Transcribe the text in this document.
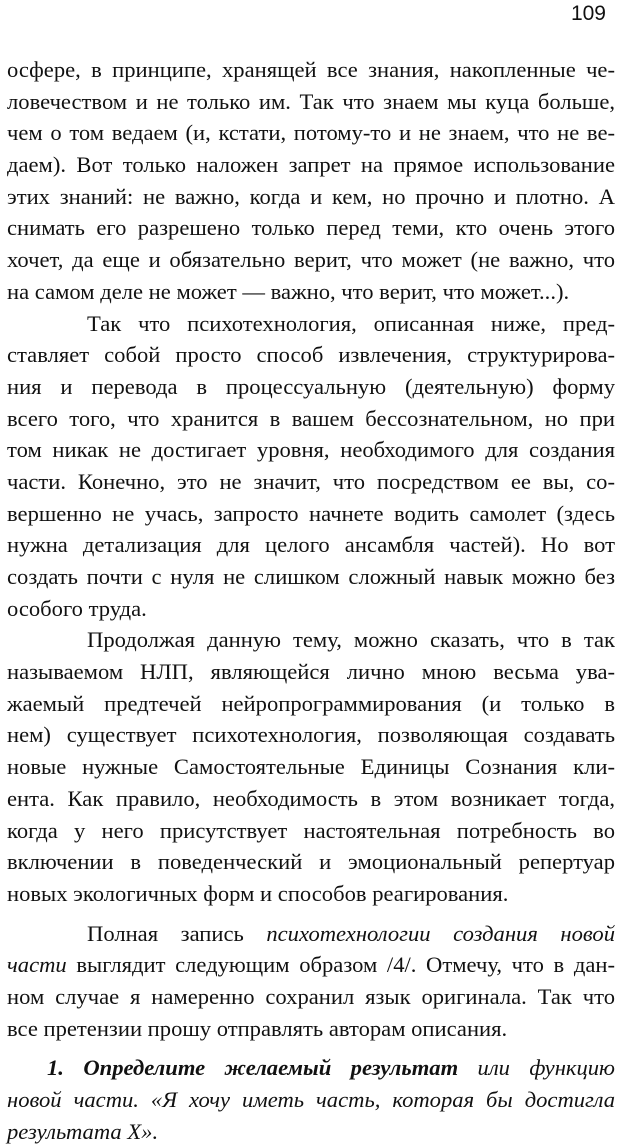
109
осфере, в принципе, хранящей все знания, накопленные че-
ловечеством и не только им. Так что знаем мы куца больше,
чем о том ведаем (и, кстати, потому-то и не знаем, что не ве-
даем). Вот только наложен запрет на прямое использование
этих знаний: не важно, когда и кем, но прочно и плотно. А
снимать его разрешено только перед теми, кто очень этого
хочет, да еще и обязательно верит, что может (не важно, что
на самом деле не может — важно, что верит, что может...).
Так что психотехнология, описанная ниже, пред-
ставляет собой просто способ извлечения, структурирова-
ния и перевода в процессуальную (деятельную) форму
всего того, что хранится в вашем бессознательном, но при
том никак не достигает уровня, необходимого для создания
части. Конечно, это не значит, что посредством ее вы, со-
вершенно не учась, запросто начнете водить самолет (здесь
нужна детализация для целого ансамбля частей). Но вот
создать почти с нуля не слишком сложный навык можно без
особого труда.
Продолжая данную тему, можно сказать, что в так
называемом НЛП, являющейся лично мною весьма ува-
жаемый предтечей нейропрограммирования (и только в
нем) существует психотехнология, позволяющая создавать
новые нужные Самостоятельные Единицы Сознания кли-
ента. Как правило, необходимость в этом возникает тогда,
когда у него присутствует настоятельная потребность во
включении в поведенческий и эмоциональный репертуар
новых экологичных форм и способов реагирования.
Полная запись психотехнологии создания новой
части выглядит следующим образом /4/. Отмечу, что в дан-
ном случае я намеренно сохранил язык оригинала. Так что
все претензии прошу отправлять авторам описания.
1. Определите желаемый результат или функцию
новой части. «Я хочу иметь часть, которая бы достигла
результата X».
